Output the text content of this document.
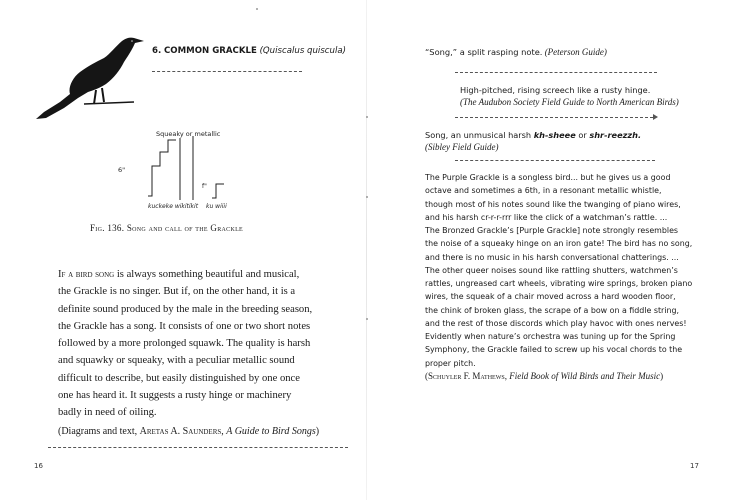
6. COMMON GRACKLE (Quiscalus quiscula)
Squeaky or metallic
6"
f"
kuckeke wikitikit ku wiiii
Fig. 136. Song and call of the Grackle
If a bird song is always something beautiful and musical,
the Grackle is no singer. But if, on the other hand, it is a
definite sound produced by the male in the breeding season,
the Grackle has a song. It consists of one or two short notes
followed by a more prolonged squawk. The quality is harsh
and squawky or squeaky, with a peculiar metallic sound
difficult to describe, but easily distinguished by one once
one has heard it. It suggests a rusty hinge or machinery
badly in need of oiling.
(Diagrams and text, Aretas A. Saunders, A Guide to Bird Songs)
16
“Song,” a split rasping note. (Peterson Guide)
High-pitched, rising screech like a rusty hinge.
(The Audubon Society Field Guide to North American Birds)
Song, an unmusical harsh kh-sheee or shr-reezzh.
(Sibley Field Guide)
The Purple Grackle is a songless bird... but he gives us a good
octave and sometimes a 6th, in a resonant metallic whistle,
though most of his notes sound like the twanging of piano wires,
and his harsh cr-r-r-rrr like the click of a watchman’s rattle. ...
The Bronzed Grackle’s [Purple Grackle] note strongly resembles
the noise of a squeaky hinge on an iron gate! The bird has no song,
and there is no music in his harsh conversational chatterings. ...
The other queer noises sound like rattling shutters, watchmen’s
rattles, ungreased cart wheels, vibrating wire springs, broken piano
wires, the squeak of a chair moved across a hard wooden floor,
the chink of broken glass, the scrape of a bow on a fiddle string,
and the rest of those discords which play havoc with ones nerves!
Evidently when nature’s orchestra was tuning up for the Spring
Symphony, the Grackle failed to screw up his vocal chords to the
proper pitch.
(Schuyler F. Mathews, Field Book of Wild Birds and Their Music)
17
